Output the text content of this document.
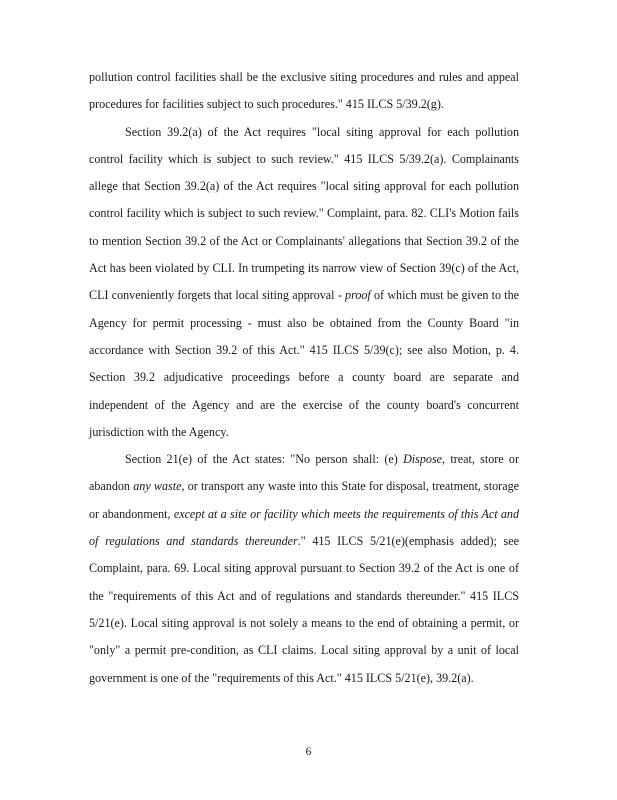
pollution control facilities shall be the exclusive siting procedures and rules and appeal procedures for facilities subject to such procedures." 415 ILCS 5/39.2(g).

Section 39.2(a) of the Act requires "local siting approval for each pollution control facility which is subject to such review." 415 ILCS 5/39.2(a). Complainants allege that Section 39.2(a) of the Act requires "local siting approval for each pollution control facility which is subject to such review." Complaint, para. 82. CLI's Motion fails to mention Section 39.2 of the Act or Complainants' allegations that Section 39.2 of the Act has been violated by CLI. In trumpeting its narrow view of Section 39(c) of the Act, CLI conveniently forgets that local siting approval - proof of which must be given to the Agency for permit processing - must also be obtained from the County Board "in accordance with Section 39.2 of this Act." 415 ILCS 5/39(c); see also Motion, p. 4. Section 39.2 adjudicative proceedings before a county board are separate and independent of the Agency and are the exercise of the county board's concurrent jurisdiction with the Agency.

Section 21(e) of the Act states: "No person shall: (e) Dispose, treat, store or abandon any waste, or transport any waste into this State for disposal, treatment, storage or abandonment, except at a site or facility which meets the requirements of this Act and of regulations and standards thereunder." 415 ILCS 5/21(e)(emphasis added); see Complaint, para. 69. Local siting approval pursuant to Section 39.2 of the Act is one of the "requirements of this Act and of regulations and standards thereunder." 415 ILCS 5/21(e). Local siting approval is not solely a means to the end of obtaining a permit, or "only" a permit pre-condition, as CLI claims. Local siting approval by a unit of local government is one of the "requirements of this Act." 415 ILCS 5/21(e), 39.2(a).

6
